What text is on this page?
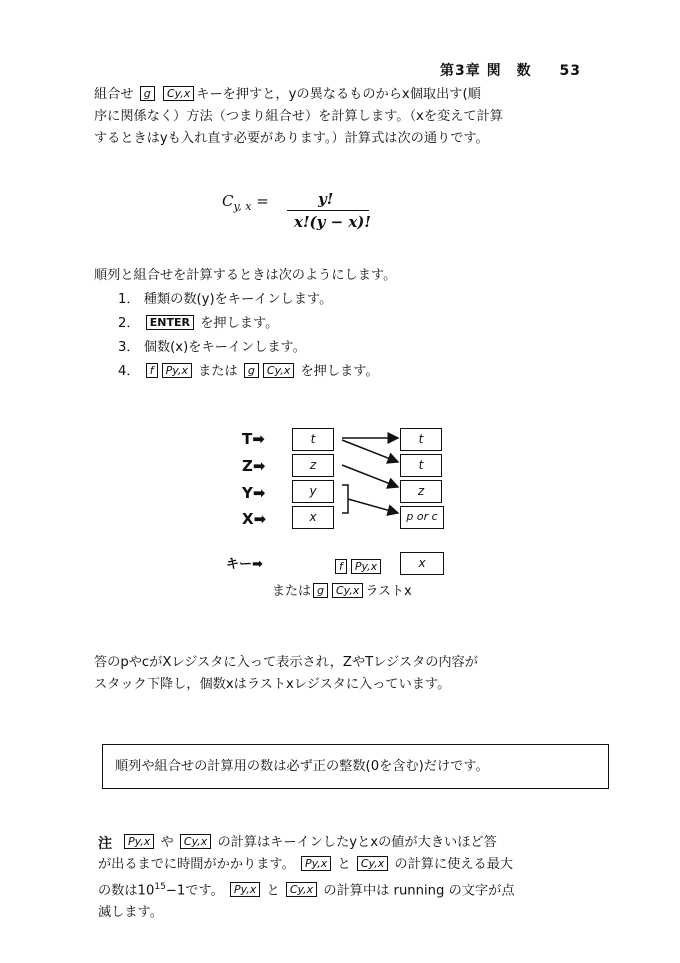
第3章 関　数 53
組合せ g Cy,x キーを押すと，yの異なるものからx個取出す(順
序に関係なく）方法（つまり組合せ）を計算します。（xを変えて計算
するときはyも入れ直す必要があります。）計算式は次の通りです。
$C_{y, x}$ =	y!
x!(y − x)!
順列と組合せを計算するときは次のようにします。
1． 種類の数(y)をキーインします。
2． ENTER を押します。
3． 個数(x)をキーインします。
4． f Py,x または g Cy,x を押します。
T➡
Z➡
Y➡
X➡
t
z
y
x
t
t
z
p or c
キー➡	f Py,x	x
または g Cy,x ラストx
答のpやcがXレジスタに入って表示され，ZやTレジスタの内容が
スタック下降し，個数xはラストxレジスタに入っています。
順列や組合せの計算用の数は必ず正の整数(0を含む)だけです。
注	Py,x や Cy,x の計算はキーインしたyとxの値が大きいほど答
が出るまでに時間がかかります。 Py,x と Cy,x の計算に使える最大
の数は$10^{15}-1$です。 Py,x と Cy,x の計算中は running の文字が点
滅します。
